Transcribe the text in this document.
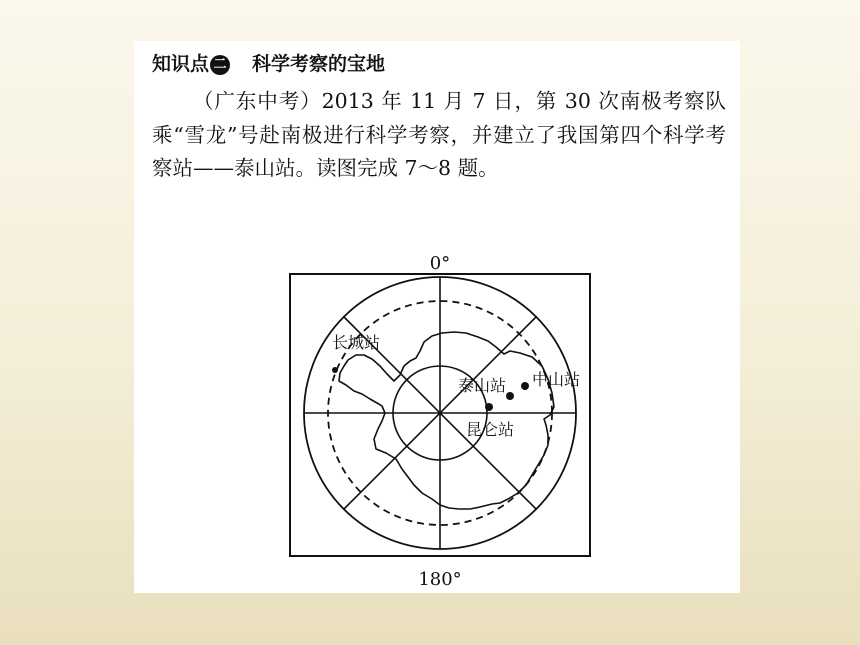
知识点 二 科学考察的宝地
（广东中考）2013 年 11 月 7 日，第 30 次南极考察队乘“雪龙”号赴南极进行科学考察，并建立了我国第四个科学考察站——泰山站。读图完成 7～8 题。
0°
180°
长城站
泰山站 中山站
昆仑站
